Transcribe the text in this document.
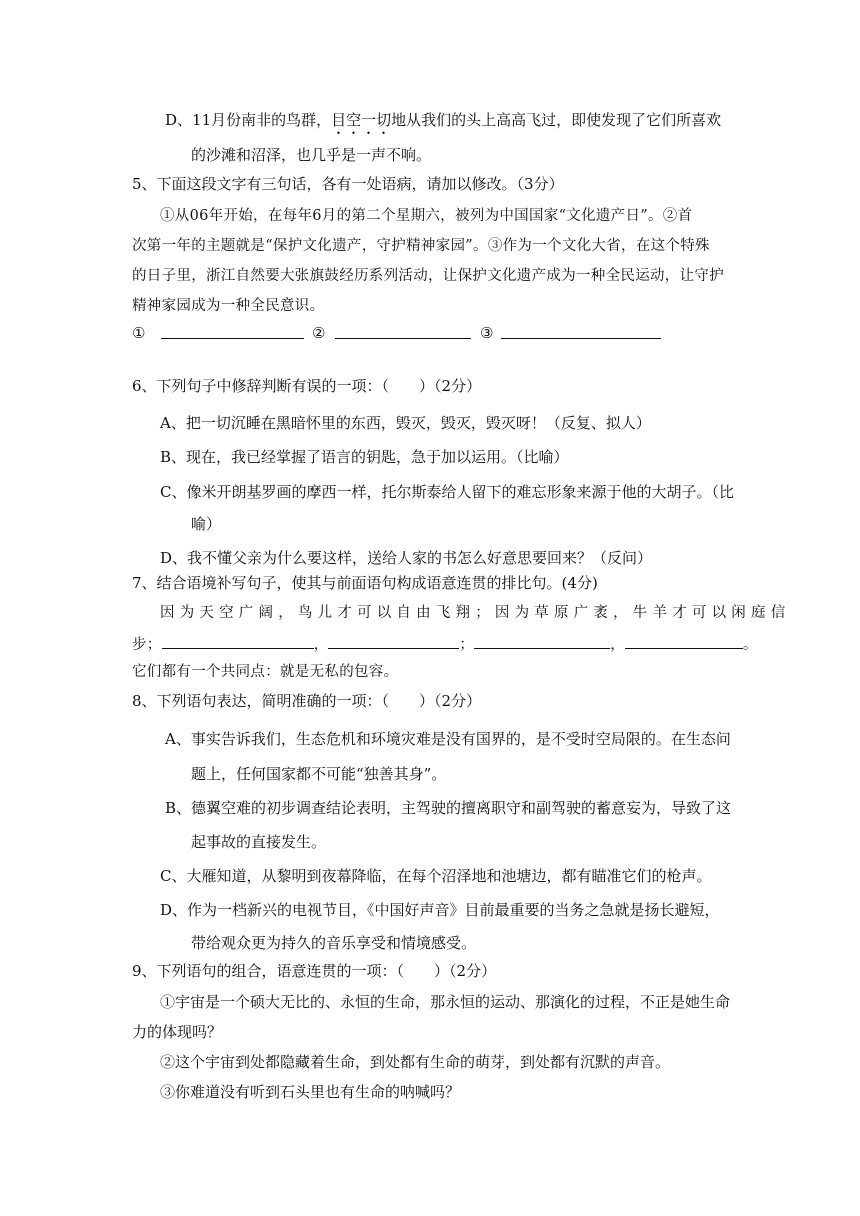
D、11月份南非的鸟群，目空一切地从我们的头上高高飞过，即使发现了它们所喜欢
的沙滩和沼泽，也几乎是一声不响。
5、下面这段文字有三句话，各有一处语病，请加以修改。（3分）
①从06年开始，在每年6月的第二个星期六，被列为中国国家“文化遗产日”。②首
次第一年的主题就是“保护文化遗产，守护精神家园”。③作为一个文化大省，在这个特殊
的日子里，浙江自然要大张旗鼓经历系列活动，让保护文化遗产成为一种全民运动，让守护
精神家园成为一种全民意识。
①	②	③
6、下列句子中修辞判断有误的一项：（　　）（2分）
A、把一切沉睡在黑暗怀里的东西，毁灭，毁灭，毁灭呀！（反复、拟人）
B、现在，我已经掌握了语言的钥匙，急于加以运用。（比喻）
C、像米开朗基罗画的摩西一样，托尔斯泰给人留下的难忘形象来源于他的大胡子。（比
喻）
D、我不懂父亲为什么要这样，送给人家的书怎么好意思要回来？（反问）
7、结合语境补写句子，使其与前面语句构成语意连贯的排比句。(4分)
因为天空广阔，鸟儿才可以自由飞翔；因为草原广袤，牛羊才可以闲庭信
步；	，	；	，	。
它们都有一个共同点：就是无私的包容。
8、下列语句表达，简明准确的一项：（　　）（2分）
A、事实告诉我们，生态危机和环境灾难是没有国界的，是不受时空局限的。在生态问
题上，任何国家都不可能“独善其身”。
B、德翼空难的初步调查结论表明，主驾驶的擅离职守和副驾驶的蓄意妄为，导致了这
起事故的直接发生。
C、大雁知道，从黎明到夜幕降临，在每个沼泽地和池塘边，都有瞄准它们的枪声。
D、作为一档新兴的电视节目，《中国好声音》目前最重要的当务之急就是扬长避短，
带给观众更为持久的音乐享受和情境感受。
9、下列语句的组合，语意连贯的一项：（　　）（2分）
①宇宙是一个硕大无比的、永恒的生命，那永恒的运动、那演化的过程，不正是她生命
力的体现吗？
②这个宇宙到处都隐藏着生命，到处都有生命的萌芽，到处都有沉默的声音。
③你难道没有听到石头里也有生命的呐喊吗？
